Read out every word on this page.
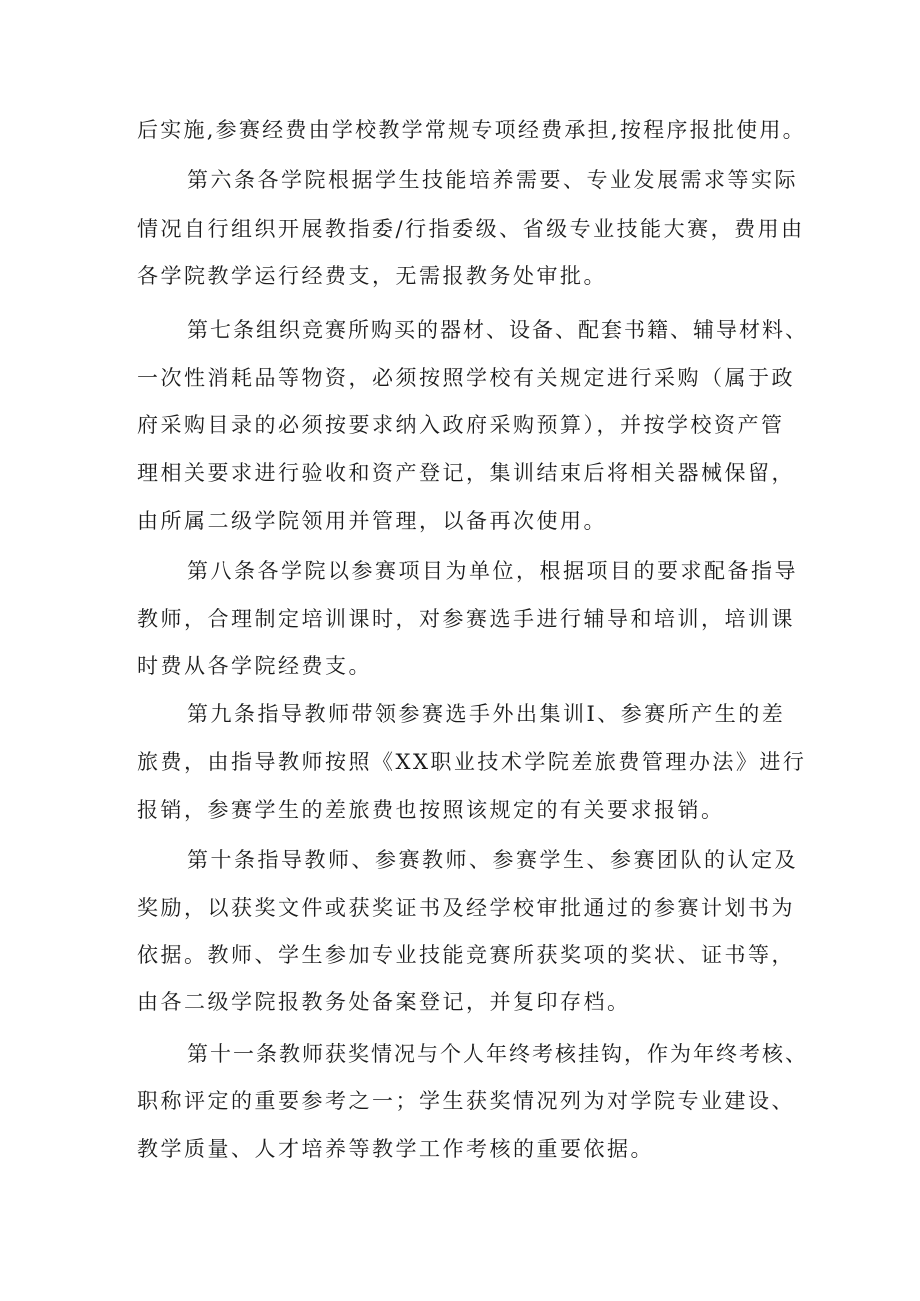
后实施,参赛经费由学校教学常规专项经费承担,按程序报批使用。
第六条各学院根据学生技能培养需要、专业发展需求等实际
情况自行组织开展教指委/行指委级、省级专业技能大赛，费用由
各学院教学运行经费支，无需报教务处审批。
第七条组织竞赛所购买的器材、设备、配套书籍、辅导材料、
一次性消耗品等物资，必须按照学校有关规定进行采购（属于政
府采购目录的必须按要求纳入政府采购预算），并按学校资产管
理相关要求进行验收和资产登记，集训结束后将相关器械保留，
由所属二级学院领用并管理，以备再次使用。
第八条各学院以参赛项目为单位，根据项目的要求配备指导
教师，合理制定培训课时，对参赛选手进行辅导和培训，培训课
时费从各学院经费支。
第九条指导教师带领参赛选手外出集训I、参赛所产生的差
旅费，由指导教师按照《XX职业技术学院差旅费管理办法》进行
报销，参赛学生的差旅费也按照该规定的有关要求报销。
第十条指导教师、参赛教师、参赛学生、参赛团队的认定及
奖励，以获奖文件或获奖证书及经学校审批通过的参赛计划书为
依据。教师、学生参加专业技能竞赛所获奖项的奖状、证书等，
由各二级学院报教务处备案登记，并复印存档。
第十一条教师获奖情况与个人年终考核挂钩，作为年终考核、
职称评定的重要参考之一；学生获奖情况列为对学院专业建设、
教学质量、人才培养等教学工作考核的重要依据。
